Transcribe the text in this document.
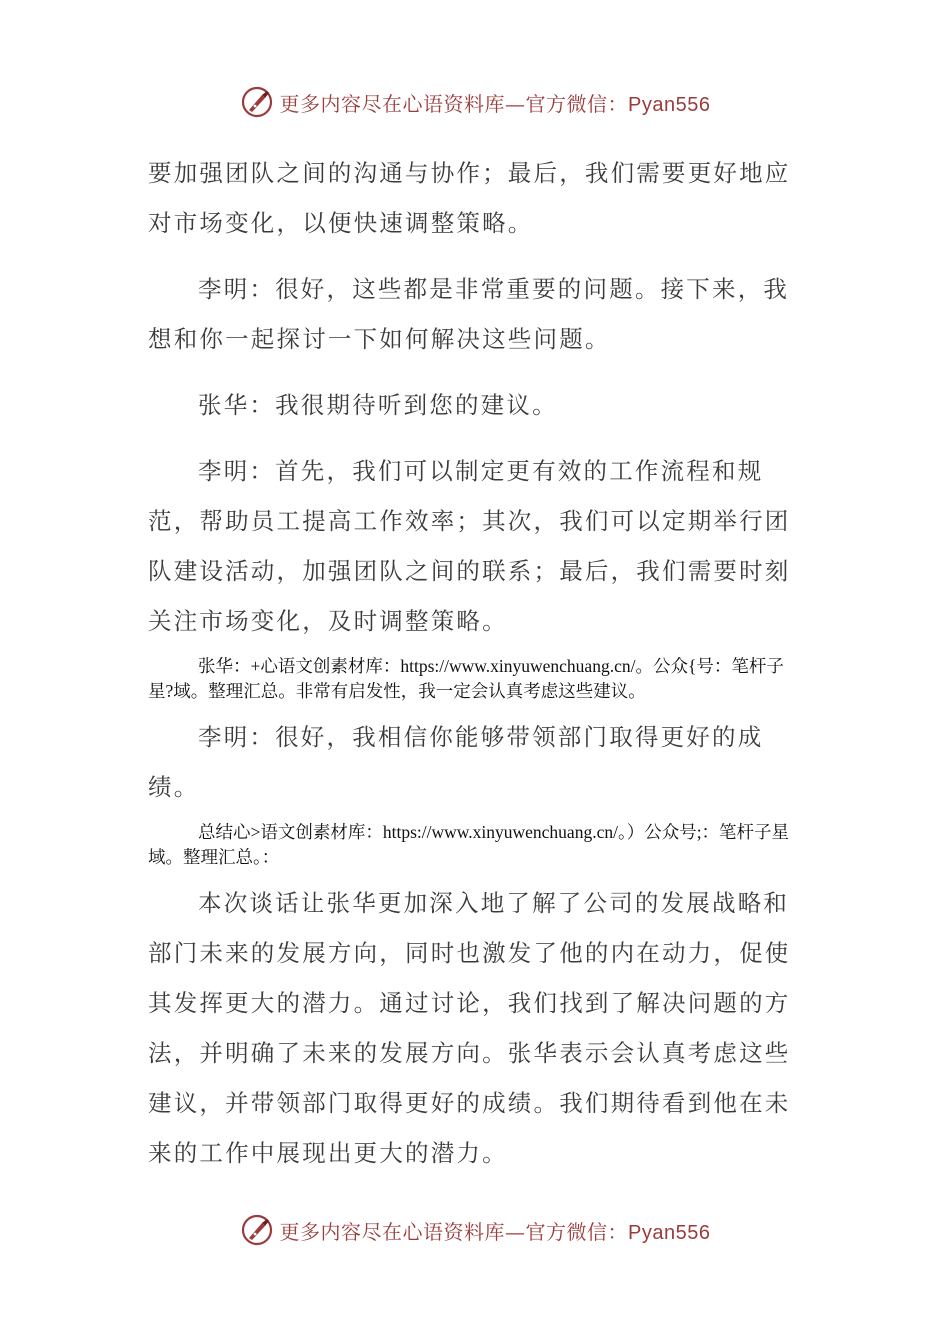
更多内容尽在心语资料库—官方微信：Pyan556

要加强团队之间的沟通与协作；最后，我们需要更好地应对市场变化，以便快速调整策略。

李明：很好，这些都是非常重要的问题。接下来，我想和你一起探讨一下如何解决这些问题。

张华：我很期待听到您的建议。

李明：首先，我们可以制定更有效的工作流程和规范，帮助员工提高工作效率；其次，我们可以定期举行团队建设活动，加强团队之间的联系；最后，我们需要时刻关注市场变化，及时调整策略。

张华：+心语文创素材库：https://www.xinyuwenchuang.cn/。公众{号：笔杆子星?域。整理汇总。非常有启发性，我一定会认真考虑这些建议。

李明：很好，我相信你能够带领部门取得更好的成绩。

总结心>语文创素材库：https://www.xinyuwenchuang.cn/。）公众号;：笔杆子星域。整理汇总。：

本次谈话让张华更加深入地了解了公司的发展战略和部门未来的发展方向，同时也激发了他的内在动力，促使其发挥更大的潜力。通过讨论，我们找到了解决问题的方法，并明确了未来的发展方向。张华表示会认真考虑这些建议，并带领部门取得更好的成绩。我们期待看到他在未来的工作中展现出更大的潜力。

更多内容尽在心语资料库—官方微信：Pyan556
